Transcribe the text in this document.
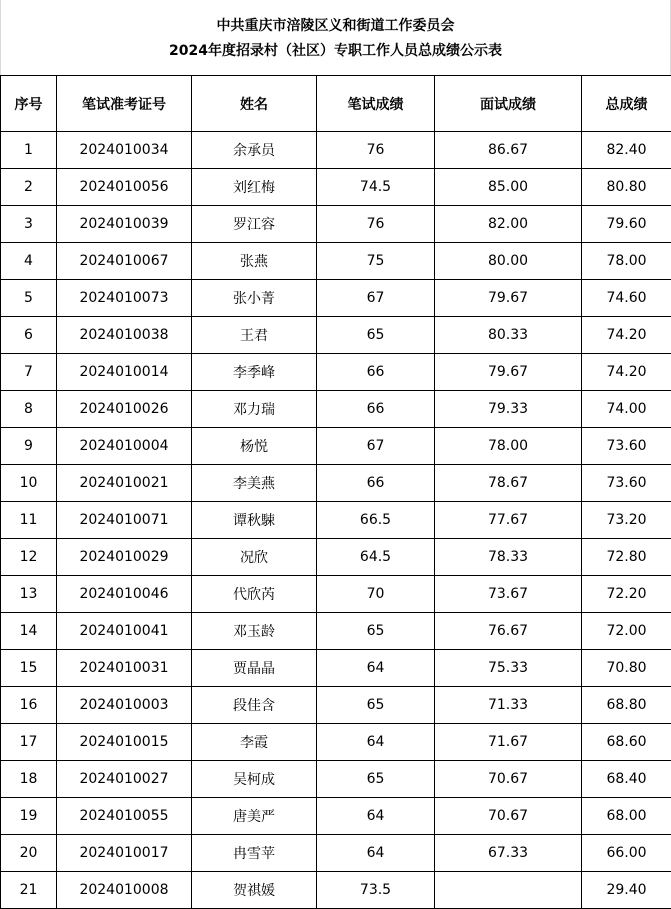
中共重庆市涪陵区义和街道工作委员会
2024年度招录村（社区）专职工作人员总成绩公示表
序号	笔试准考证号	姓名	笔试成绩	面试成绩	总成绩
1	2024010034	余承员	76	86.67	82.40
2	2024010056	刘红梅	74.5	85.00	80.80
3	2024010039	罗江容	76	82.00	79.60
4	2024010067	张燕	75	80.00	78.00
5	2024010073	张小菁	67	79.67	74.60
6	2024010038	王君	65	80.33	74.20
7	2024010014	李季峰	66	79.67	74.20
8	2024010026	邓力瑞	66	79.33	74.00
9	2024010004	杨悦	67	78.00	73.60
10	2024010021	李美燕	66	78.67	73.60
11	2024010071	谭秋駷	66.5	77.67	73.20
12	2024010029	况欣	64.5	78.33	72.80
13	2024010046	代欣芮	70	73.67	72.20
14	2024010041	邓玉龄	65	76.67	72.00
15	2024010031	贾晶晶	64	75.33	70.80
16	2024010003	段佳含	65	71.33	68.80
17	2024010015	李霞	64	71.67	68.60
18	2024010027	吴柯成	65	70.67	68.40
19	2024010055	唐美严	64	70.67	68.00
20	2024010017	冉雪苹	64	67.33	66.00
21	2024010008	贺祺媛	73.5		29.40
